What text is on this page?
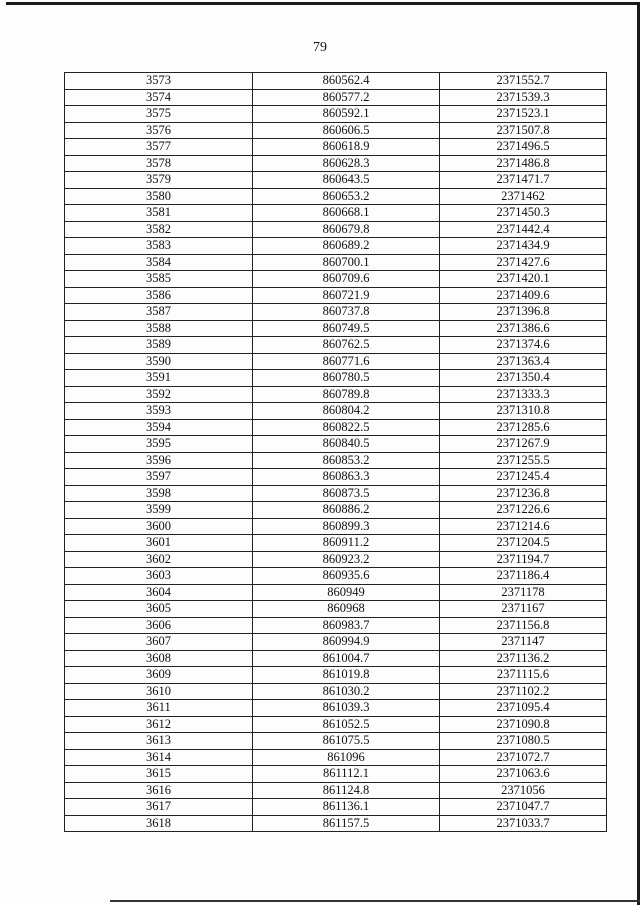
79
3573	860562.4	2371552.7
3574	860577.2	2371539.3
3575	860592.1	2371523.1
3576	860606.5	2371507.8
3577	860618.9	2371496.5
3578	860628.3	2371486.8
3579	860643.5	2371471.7
3580	860653.2	2371462
3581	860668.1	2371450.3
3582	860679.8	2371442.4
3583	860689.2	2371434.9
3584	860700.1	2371427.6
3585	860709.6	2371420.1
3586	860721.9	2371409.6
3587	860737.8	2371396.8
3588	860749.5	2371386.6
3589	860762.5	2371374.6
3590	860771.6	2371363.4
3591	860780.5	2371350.4
3592	860789.8	2371333.3
3593	860804.2	2371310.8
3594	860822.5	2371285.6
3595	860840.5	2371267.9
3596	860853.2	2371255.5
3597	860863.3	2371245.4
3598	860873.5	2371236.8
3599	860886.2	2371226.6
3600	860899.3	2371214.6
3601	860911.2	2371204.5
3602	860923.2	2371194.7
3603	860935.6	2371186.4
3604	860949	2371178
3605	860968	2371167
3606	860983.7	2371156.8
3607	860994.9	2371147
3608	861004.7	2371136.2
3609	861019.8	2371115.6
3610	861030.2	2371102.2
3611	861039.3	2371095.4
3612	861052.5	2371090.8
3613	861075.5	2371080.5
3614	861096	2371072.7
3615	861112.1	2371063.6
3616	861124.8	2371056
3617	861136.1	2371047.7
3618	861157.5	2371033.7
